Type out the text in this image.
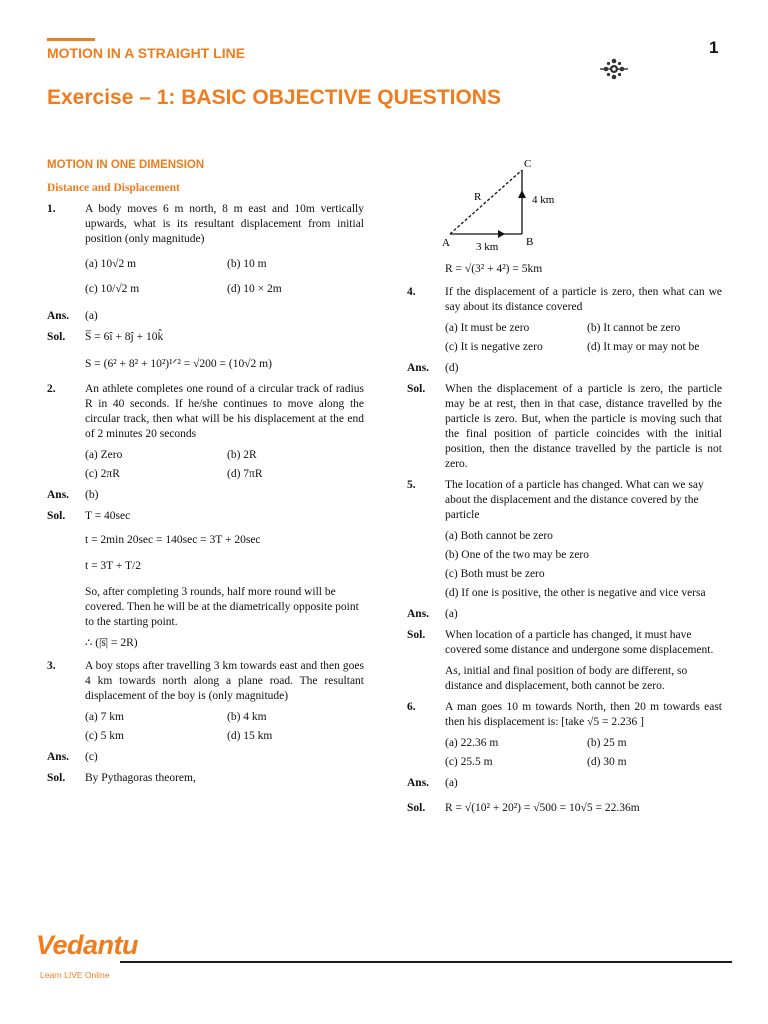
MOTION IN A STRAIGHT LINE	1
Exercise – 1: BASIC OBJECTIVE QUESTIONS
MOTION IN ONE DIMENSION
Distance and Displacement
1.	A body moves 6 m north, 8 m east and 10m vertically upwards, what is its resultant displacement from initial position (only magnitude)
(a) 10√2 m	(b) 10 m
(c) 10/√2 m	(d) 10 × 2m
Ans.	(a)
Sol.	S̅ = 6î + 8ĵ + 10k̂
S = (6² + 8² + 10²)¹ᐟ² = √200 = (10√2 m)
2.	An athlete completes one round of a circular track of radius R in 40 seconds. If he/she continues to move along the circular track, then what will be his displacement at the end of 2 minutes 20 seconds
(a) Zero	(b) 2R
(c) 2πR	(d) 7πR
Ans.	(b)
Sol.	T = 40sec
t = 2min 20sec = 140sec = 3T + 20sec
t = 3T + T/2
So, after completing 3 rounds, half more round will be covered. Then he will be at the diametrically opposite point to the starting point.
∴ (|s̅| = 2R)
3.	A boy stops after travelling 3 km towards east and then goes 4 km towards north along a plane road. The resultant displacement of the boy is (only magnitude)
(a) 7 km	(b) 4 km
(c) 5 km	(d) 15 km
Ans.	(c)
Sol.	By Pythagoras theorem,
A	B
C
R
3 km
4 km
R = √(3² + 4²) = 5km
4.	If the displacement of a particle is zero, then what can we say about its distance covered
(a) It must be zero	(b) It cannot be zero
(c) It is negative zero	(d) It may or may not be
Ans.	(d)
Sol.	When the displacement of a particle is zero, the particle may be at rest, then in that case, distance travelled by the particle is zero. But, when the particle is moving such that the final position of particle coincides with the initial position, then the distance travelled by the particle is not zero.
5.	The location of a particle has changed. What can we say about the displacement and the distance covered by the particle
(a) Both cannot be zero
(b) One of the two may be zero
(c) Both must be zero
(d) If one is positive, the other is negative and vice versa
Ans.	(a)
Sol.	When location of a particle has changed, it must have covered some distance and undergone some displacement.
As, initial and final position of body are different, so distance and displacement, both cannot be zero.
6.	A man goes 10 m towards North, then 20 m towards east then his displacement is: [take √5 = 2.236 ]
(a) 22.36 m	(b) 25 m
(c) 25.5 m	(d) 30 m
Ans.	(a)
Sol.	R = √(10² + 20²) = √500 = 10√5 = 22.36m
Vedantu
Learn LIVE Online
